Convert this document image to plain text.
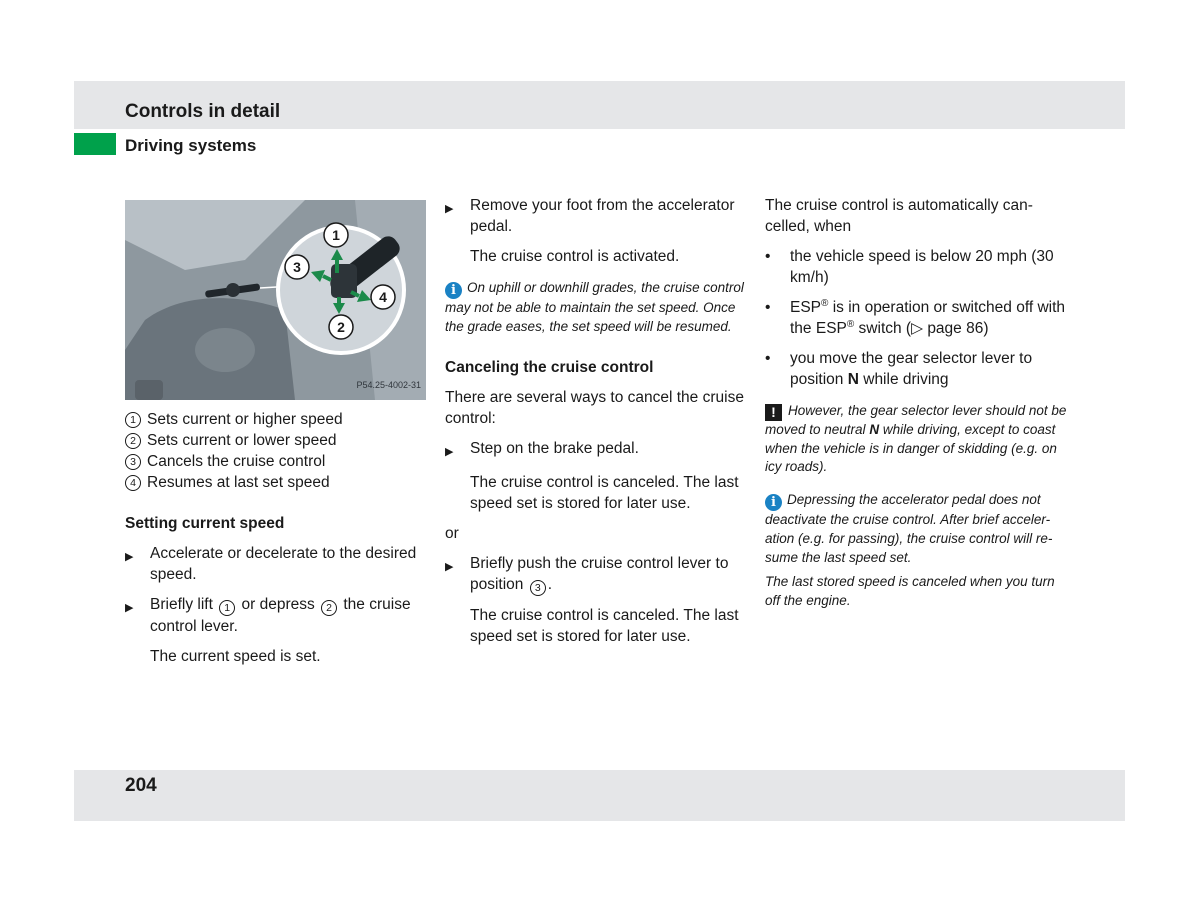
Controls in detail
Driving systems
1
2
3
4
P54.25-4002-31
1 Sets current or higher speed
2 Sets current or lower speed
3 Cancels the cruise control
4 Resumes at last set speed

Setting current speed

▶	Accelerate or decelerate to the desired speed.
▶	Briefly lift 1 or depress 2 the cruise control lever.

The current speed is set.

▶	Remove your foot from the accelerator pedal.

The cruise control is activated.

i On uphill or downhill grades, the cruise control may not be able to maintain the set speed. Once the grade eases, the set speed will be resumed.

Canceling the cruise control

There are several ways to cancel the cruise control:

▶	Step on the brake pedal.

The cruise control is canceled. The last speed set is stored for later use.

or

▶	Briefly push the cruise control lever to position 3 .

The cruise control is canceled. The last speed set is stored for later use.

The cruise control is automatically can-celled, when

•	the vehicle speed is below 20 mph (30 km/h)
•	ESP® is in operation or switched off with the ESP® switch (▷ page 86)
•	you move the gear selector lever to position N while driving

! However, the gear selector lever should not be moved to neutral N while driving, except to coast when the vehicle is in danger of skidding (e.g. on icy roads).

i Depressing the accelerator pedal does not deactivate the cruise control. After brief acceler-ation (e.g. for passing), the cruise control will re-sume the last speed set.

The last stored speed is canceled when you turn off the engine.

204
